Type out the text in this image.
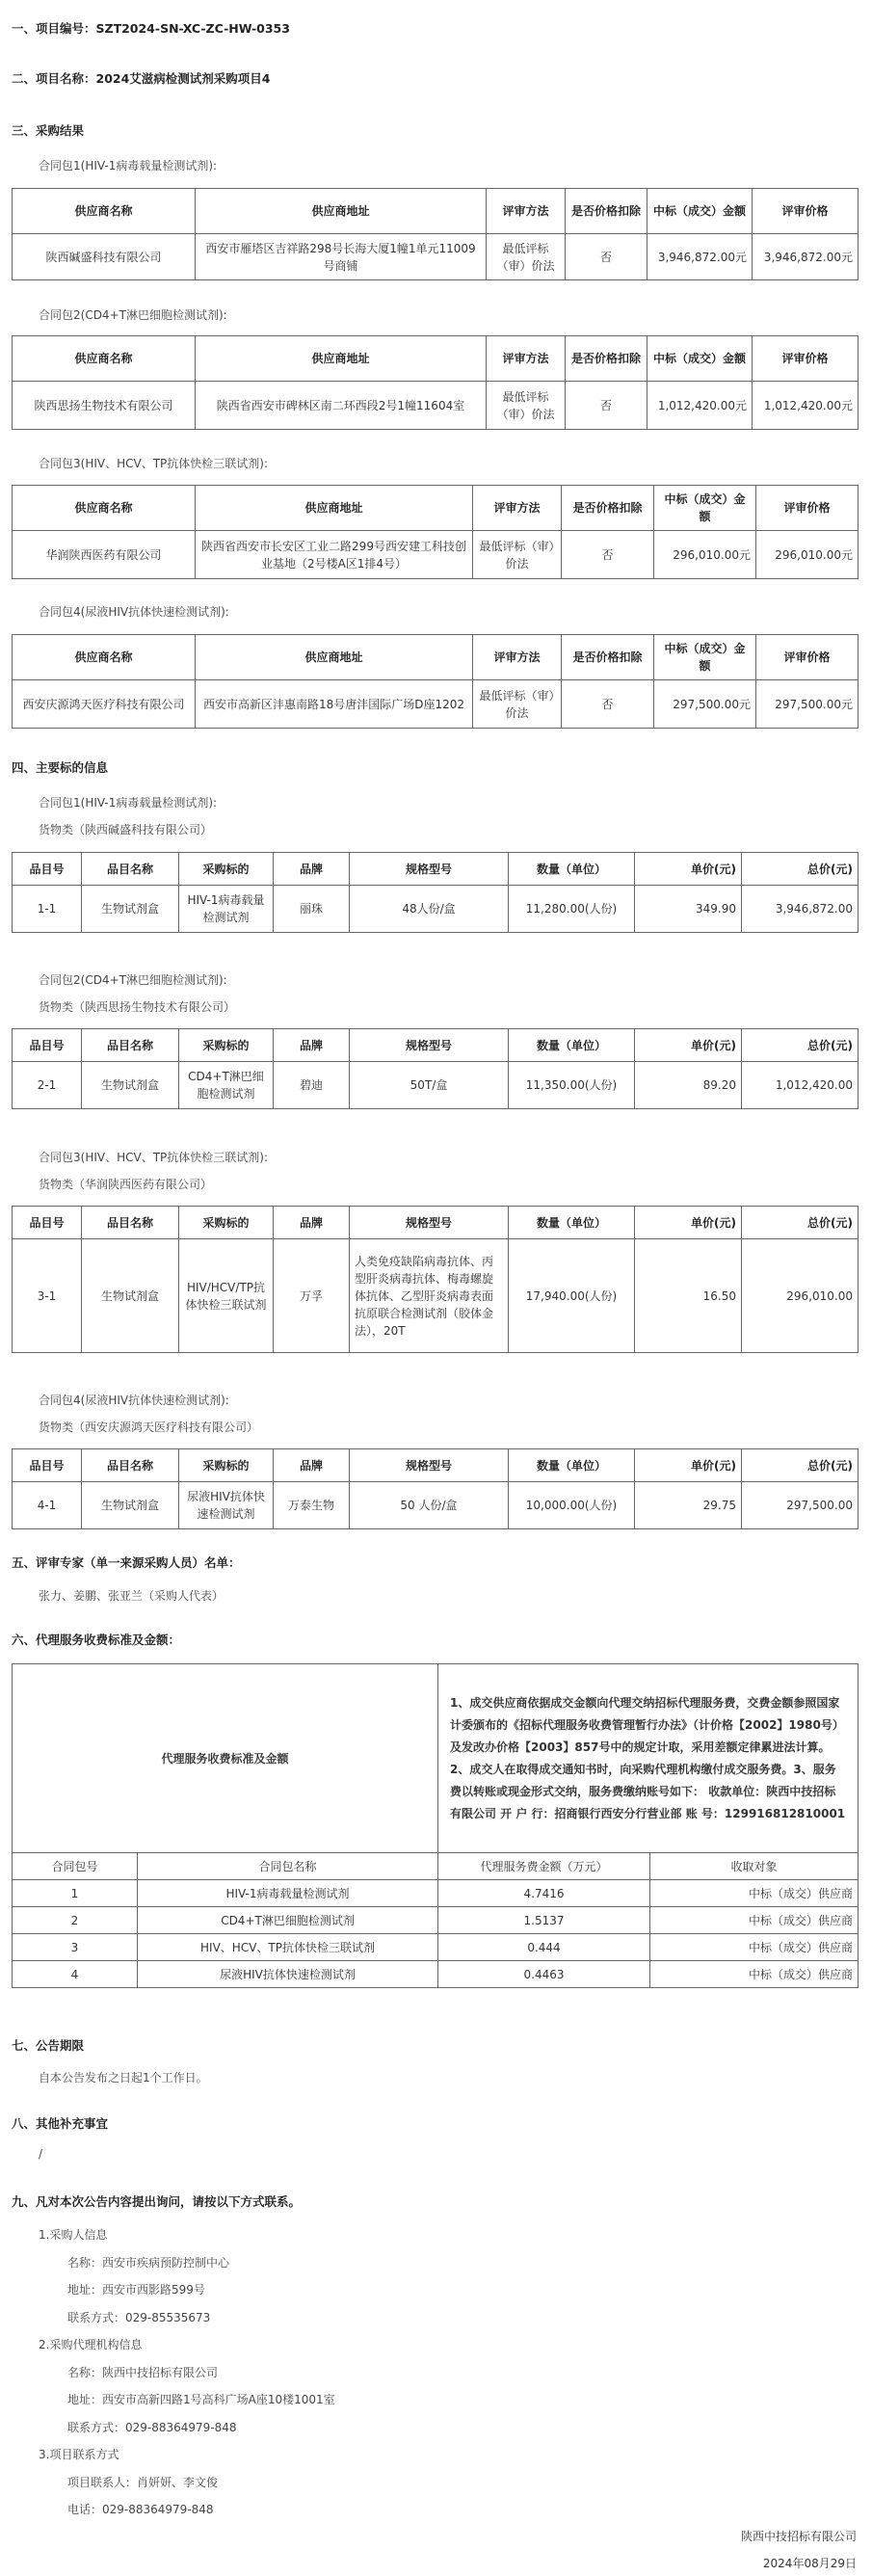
一、项目编号：SZT2024-SN-XC-ZC-HW-0353
二、项目名称：2024艾滋病检测试剂采购项目4
三、采购结果
合同包1(HIV-1病毒载量检测试剂):
供应商名称	供应商地址	评审方法	是否价格扣除	中标（成交）金额	评审价格
陕西碱盛科技有限公司	西安市雁塔区吉祥路298号长海大厦1幢1单元11009号商铺	最低评标（审）价法	否	3,946,872.00元	3,946,872.00元
合同包2(CD4+T淋巴细胞检测试剂):
供应商名称	供应商地址	评审方法	是否价格扣除	中标（成交）金额	评审价格
陕西思扬生物技术有限公司	陕西省西安市碑林区南二环西段2号1幢11604室	最低评标（审）价法	否	1,012,420.00元	1,012,420.00元
合同包3(HIV、HCV、TP抗体快检三联试剂):
供应商名称	供应商地址	评审方法	是否价格扣除	中标（成交）金额	评审价格
华润陕西医药有限公司	陕西省西安市长安区工业二路299号西安建工科技创业基地（2号楼A区1排4号）	最低评标（审）价法	否	296,010.00元	296,010.00元
合同包4(尿液HIV抗体快速检测试剂):
供应商名称	供应商地址	评审方法	是否价格扣除	中标（成交）金额	评审价格
西安庆源鸿天医疗科技有限公司	西安市高新区沣惠南路18号唐沣国际广场D座1202	最低评标（审）价法	否	297,500.00元	297,500.00元
四、主要标的信息
合同包1(HIV-1病毒载量检测试剂):
货物类（陕西碱盛科技有限公司）
品目号	品目名称	采购标的	品牌	规格型号	数量（单位）	单价(元)	总价(元)
1-1	生物试剂盒	HIV-1病毒载量检测试剂	丽珠	48人份/盒	11,280.00(人份)	349.90	3,946,872.00
合同包2(CD4+T淋巴细胞检测试剂):
货物类（陕西思扬生物技术有限公司）
品目号	品目名称	采购标的	品牌	规格型号	数量（单位）	单价(元)	总价(元)
2-1	生物试剂盒	CD4+T淋巴细胞检测试剂	碧迪	50T/盒	11,350.00(人份)	89.20	1,012,420.00
合同包3(HIV、HCV、TP抗体快检三联试剂):
货物类（华润陕西医药有限公司）
品目号	品目名称	采购标的	品牌	规格型号	数量（单位）	单价(元)	总价(元)
3-1	生物试剂盒	HIV/HCV/TP抗体快检三联试剂	万孚	人类免疫缺陷病毒抗体、丙型肝炎病毒抗体、梅毒螺旋体抗体、乙型肝炎病毒表面抗原联合检测试剂（胶体金法），20T	17,940.00(人份)	16.50	296,010.00
合同包4(尿液HIV抗体快速检测试剂):
货物类（西安庆源鸿天医疗科技有限公司）
品目号	品目名称	采购标的	品牌	规格型号	数量（单位）	单价(元)	总价(元)
4-1	生物试剂盒	尿液HIV抗体快速检测试剂	万泰生物	50 人份/盒	10,000.00(人份)	29.75	297,500.00
五、评审专家（单一来源采购人员）名单：
张力、姜鹏、张亚兰（采购人代表）
六、代理服务收费标准及金额：
代理服务收费标准及金额		1、成交供应商依据成交金额向代理交纳招标代理服务费，交费金额参照国家计委颁布的《招标代理服务收费管理暂行办法》（计价格【2002】1980号）及发改办价格【2003】857号中的规定计取，采用差额定律累进法计算。2、成交人在取得成交通知书时，向采购代理机构缴付成交服务费。3、服务费以转账或现金形式交纳，服务费缴纳账号如下： 收款单位：陕西中技招标有限公司 开 户 行：招商银行西安分行营业部 账 号：129916812810001	
合同包号	合同包名称	代理服务费金额（万元）	收取对象
1	HIV-1病毒载量检测试剂	4.7416	中标（成交）供应商
2	CD4+T淋巴细胞检测试剂	1.5137	中标（成交）供应商
3	HIV、HCV、TP抗体快检三联试剂	0.444	中标（成交）供应商
4	尿液HIV抗体快速检测试剂	0.4463	中标（成交）供应商
七、公告期限
自本公告发布之日起1个工作日。
八、其他补充事宜
/
九、凡对本次公告内容提出询问，请按以下方式联系。
1.采购人信息
名称：西安市疾病预防控制中心
地址：西安市西影路599号
联系方式：029-85535673
2.采购代理机构信息
名称：陕西中技招标有限公司
地址：西安市高新四路1号高科广场A座10楼1001室
联系方式：029-88364979-848
3.项目联系方式
项目联系人：肖妍妍、李文俊
电话：029-88364979-848
陕西中技招标有限公司
2024年08月29日
